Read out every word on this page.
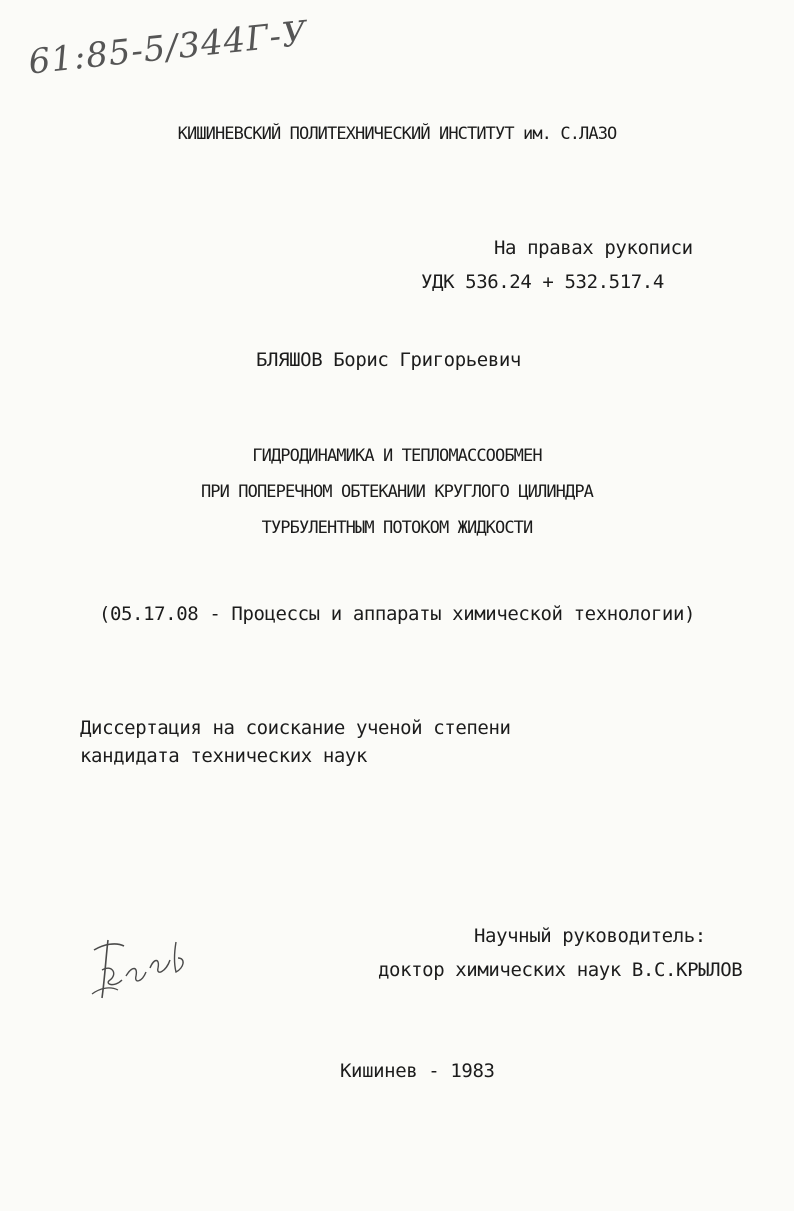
61:85-5/344Г-У
КИШИНЕВСКИЙ ПОЛИТЕХНИЧЕСКИЙ ИНСТИТУТ им. С.ЛАЗО
На правах рукописи
УДК 536.24 + 532.517.4
БЛЯШОВ Борис Григорьевич
ГИДРОДИНАМИКА И ТЕПЛОМАССООБМЕН
ПРИ ПОПЕРЕЧНОМ ОБТЕКАНИИ КРУГЛОГО ЦИЛИНДРА
ТУРБУЛЕНТНЫМ ПОТОКОМ ЖИДКОСТИ
(05.17.08 - Процессы и аппараты химической технологии)
Диссертация на соискание ученой степени
кандидата технических наук
Научный руководитель:
доктор химических наук В.С.КРЫЛОВ
Кишинев - 1983
